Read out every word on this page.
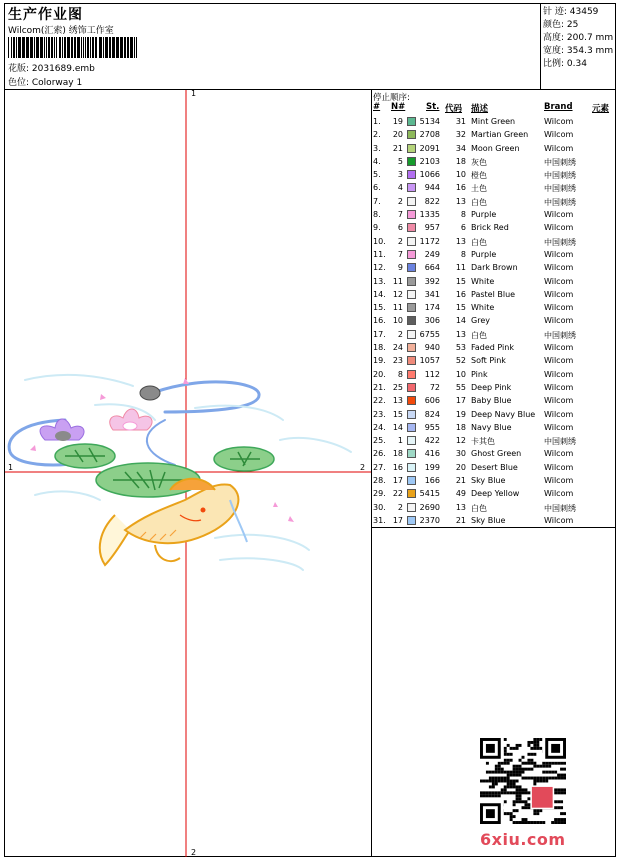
生产作业图
Wilcom(汇索) 绣饰工作室
花版: 2031689.emb
色位: Colorway 1
针 迹: 43459
颜色: 25
高度: 200.7 mm
宽度: 354.3 mm
比例: 0.34
停止顺序:
# N# St. 代码 描述	Brand 元素
1. 19	5134	31 Mint Green	Wilcom
2. 20	2708	32 Martian Green Wilcom
3. 21	2091	34 Moon Green	Wilcom
4.	5	2103	18 灰色	中国刺绣
5.	3	1066	10 橙色	中国刺绣
6.	4	944	16 土色	中国刺绣
7.	2	822	13 白色	中国刺绣
8.	7	1335	8 Purple	Wilcom
9.	6	957	6 Brick Red	Wilcom
10.	2	1172	13 白色	中国刺绣
11.	7	249	8 Purple	Wilcom
12.	9	664	11 Dark Brown	Wilcom
13. 11	392	15 White	Wilcom
14. 12	341	16 Pastel Blue	Wilcom
15. 11	174	15 White	Wilcom
16. 10	306	14 Grey	Wilcom
17.	2	6755	13 白色	中国刺绣
18. 24	940	53 Faded Pink	Wilcom
19. 23	1057	52 Soft Pink	Wilcom
20.	8	112	10 Pink	Wilcom
21. 25	72	55 Deep Pink	Wilcom
22. 13	606	17 Baby Blue	Wilcom
23. 15	824	19 Deep Navy Blue Wilcom
24. 14	955	18 Navy Blue	Wilcom
25.	1	422	12 卡其色	中国刺绣
26. 18	416	30 Ghost Green	Wilcom
27. 16	199	20 Desert Blue	Wilcom
28. 17	166	21 Sky Blue	Wilcom
29. 22	5415	49 Deep Yellow	Wilcom
30.	2	2690	13 白色	中国刺绣
31. 17	2370	21 Sky Blue	Wilcom
1
2
1	2
6xiu.com
